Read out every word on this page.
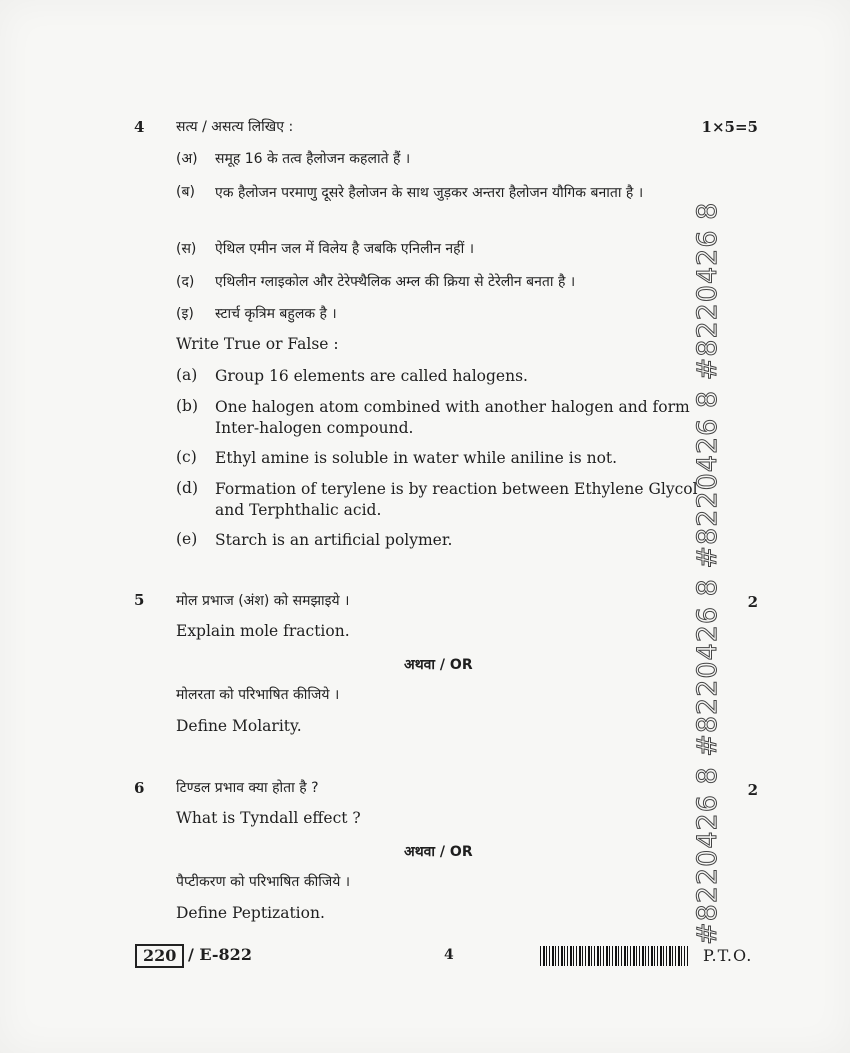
4 सत्य / असत्य लिखिए :	1×5=5
(अ) समूह 16 के तत्व हैलोजन कहलाते हैं ।
(ब) एक हैलोजन परमाणु दूसरे हैलोजन के साथ जुड़कर अन्तरा हैलोजन यौगिक बनाता है ।
(स) ऐथिल एमीन जल में विलेय है जबकि एनिलीन नहीं ।
(द) एथिलीन ग्लाइकोल और टेरेफ्थैलिक अम्ल की क्रिया से टेरेलीन बनता है ।
(इ) स्टार्च कृत्रिम बहुलक है ।
Write True or False :
(a) Group 16 elements are called halogens.
(b) One halogen atom combined with another halogen and form Inter-halogen compound.
(c) Ethyl amine is soluble in water while aniline is not.
(d) Formation of terylene is by reaction between Ethylene Glycol and Terphthalic acid.
(e) Starch is an artificial polymer.
5 मोल प्रभाज (अंश) को समझाइये ।	2
Explain mole fraction.
अथवा / OR
मोलरता को परिभाषित कीजिये ।
Define Molarity.
6 टिण्डल प्रभाव क्या होता है ?	2
What is Tyndall effect ?
अथवा / OR
पैप्टीकरण को परिभाषित कीजिये ।
Define Peptization.	#8220426 8 #8220426 8 #8220426 8 #8220426 8
220 / E-822	4	P.T.O.
